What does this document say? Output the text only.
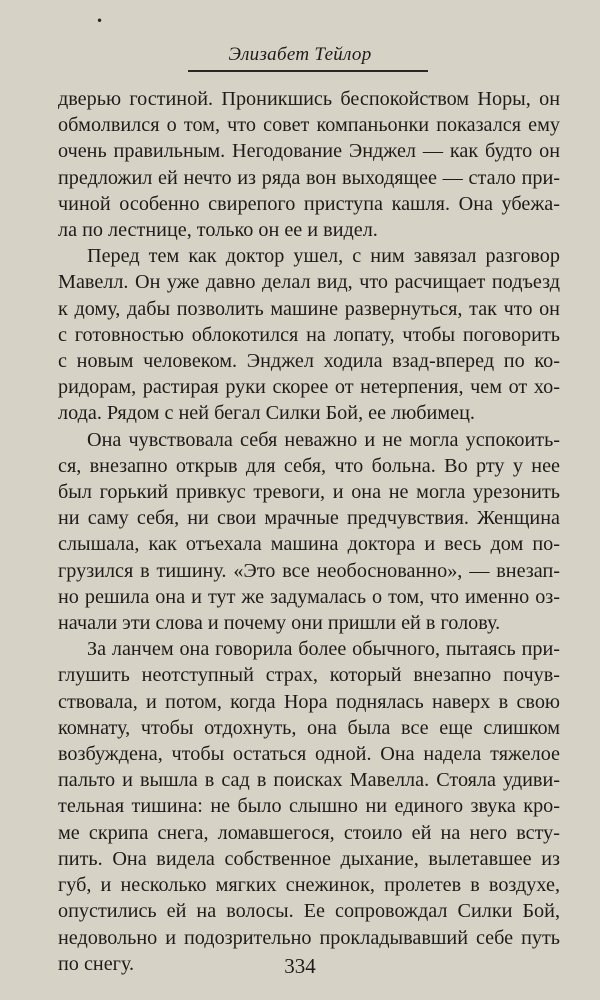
•
Элизабет Тейлор
дверью гостиной. Проникшись беспокойством Норы, он
обмолвился о том, что совет компаньонки показался ему
очень правильным. Негодование Энджел — как будто он
предложил ей нечто из ряда вон выходящее — стало при-
чиной особенно свирепого приступа кашля. Она убежа-
ла по лестнице, только он ее и видел.
Перед тем как доктор ушел, с ним завязал разговор
Мавелл. Он уже давно делал вид, что расчищает подъезд
к дому, дабы позволить машине развернуться, так что он
с готовностью облокотился на лопату, чтобы поговорить
с новым человеком. Энджел ходила взад-вперед по ко-
ридорам, растирая руки скорее от нетерпения, чем от хо-
лода. Рядом с ней бегал Силки Бой, ее любимец.
Она чувствовала себя неважно и не могла успокоить-
ся, внезапно открыв для себя, что больна. Во рту у нее
был горький привкус тревоги, и она не могла урезонить
ни саму себя, ни свои мрачные предчувствия. Женщина
слышала, как отъехала машина доктора и весь дом по-
грузился в тишину. «Это все необоснованно», — внезап-
но решила она и тут же задумалась о том, что именно оз-
начали эти слова и почему они пришли ей в голову.
За ланчем она говорила более обычного, пытаясь при-
глушить неотступный страх, который внезапно почув-
ствовала, и потом, когда Нора поднялась наверх в свою
комнату, чтобы отдохнуть, она была все еще слишком
возбуждена, чтобы остаться одной. Она надела тяжелое
пальто и вышла в сад в поисках Мавелла. Стояла удиви-
тельная тишина: не было слышно ни единого звука кро-
ме скрипа снега, ломавшегося, стоило ей на него всту-
пить. Она видела собственное дыхание, вылетавшее из
губ, и несколько мягких снежинок, пролетев в воздухе,
опустились ей на волосы. Ее сопровождал Силки Бой,
недовольно и подозрительно прокладывавший себе путь
по снегу.	334
